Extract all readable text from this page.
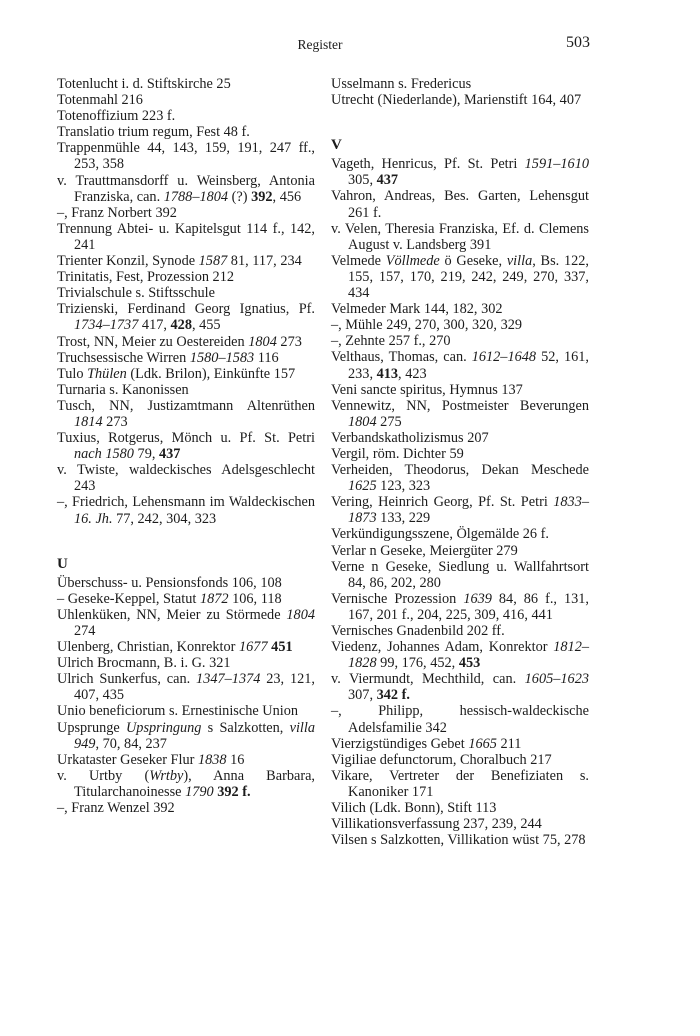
Register	503
Totenlucht i. d. Stiftskirche 25
Totenmahl 216
Totenoffizium 223 f.
Translatio trium regum, Fest 48 f.
Trappenmühle 44, 143, 159, 191, 247 ff., 253, 358
v. Trauttmansdorff u. Weinsberg, Antonia Franziska, can. 1788–1804 (?) 392, 456
–, Franz Norbert 392
Trennung Abtei- u. Kapitelsgut 114 f., 142, 241
Trienter Konzil, Synode 1587 81, 117, 234
Trinitatis, Fest, Prozession 212
Trivialschule s. Stiftsschule
Trizienski, Ferdinand Georg Ignatius, Pf. 1734–1737 417, 428, 455
Trost, NN, Meier zu Oestereiden 1804 273
Truchsessische Wirren 1580–1583 116
Tulo Thülen (Ldk. Brilon), Einkünfte 157
Turnaria s. Kanonissen
Tusch, NN, Justizamtmann Altenrüthen 1814 273
Tuxius, Rotgerus, Mönch u. Pf. St. Petri nach 1580 79, 437
v. Twiste, waldeckisches Adelsgeschlecht 243
–, Friedrich, Lehensmann im Waldeckischen 16. Jh. 77, 242, 304, 323
U
Überschuss- u. Pensionsfonds 106, 108
– Geseke-Keppel, Statut 1872 106, 118
Uhlenküken, NN, Meier zu Störmede 1804 274
Ulenberg, Christian, Konrektor 1677 451
Ulrich Brocmann, B. i. G. 321
Ulrich Sunkerfus, can. 1347–1374 23, 121, 407, 435
Unio beneficiorum s. Ernestinische Union
Upsprunge Upspringung s Salzkotten, villa 949, 70, 84, 237
Urkataster Geseker Flur 1838 16
v. Urtby (Wrtby), Anna Barbara, Titularchanoinesse 1790 392 f.
–, Franz Wenzel 392
Usselmann s. Fredericus
Utrecht (Niederlande), Marienstift 164, 407
V
Vageth, Henricus, Pf. St. Petri 1591–1610 305, 437
Vahron, Andreas, Bes. Garten, Lehensgut 261 f.
v. Velen, Theresia Franziska, Ef. d. Clemens August v. Landsberg 391
Velmede Völlmede ö Geseke, villa, Bs. 122, 155, 157, 170, 219, 242, 249, 270, 337, 434
Velmeder Mark 144, 182, 302
–, Mühle 249, 270, 300, 320, 329
–, Zehnte 257 f., 270
Velthaus, Thomas, can. 1612–1648 52, 161, 233, 413, 423
Veni sancte spiritus, Hymnus 137
Vennewitz, NN, Postmeister Beverungen 1804 275
Verbandskatholizismus 207
Vergil, röm. Dichter 59
Verheiden, Theodorus, Dekan Meschede 1625 123, 323
Vering, Heinrich Georg, Pf. St. Petri 1833–1873 133, 229
Verkündigungsszene, Ölgemälde 26 f.
Verlar n Geseke, Meiergüter 279
Verne n Geseke, Siedlung u. Wallfahrtsort 84, 86, 202, 280
Vernische Prozession 1639 84, 86 f., 131, 167, 201 f., 204, 225, 309, 416, 441
Vernisches Gnadenbild 202 ff.
Viedenz, Johannes Adam, Konrektor 1812–1828 99, 176, 452, 453
v. Viermundt, Mechthild, can. 1605–1623 307, 342 f.
–, Philipp, hessisch-waldeckische Adelsfamilie 342
Vierzigstündiges Gebet 1665 211
Vigiliae defunctorum, Choralbuch 217
Vikare, Vertreter der Benefiziaten s. Kanoniker 171
Vilich (Ldk. Bonn), Stift 113
Villikationsverfassung 237, 239, 244
Vilsen s Salzkotten, Villikation wüst 75, 278
